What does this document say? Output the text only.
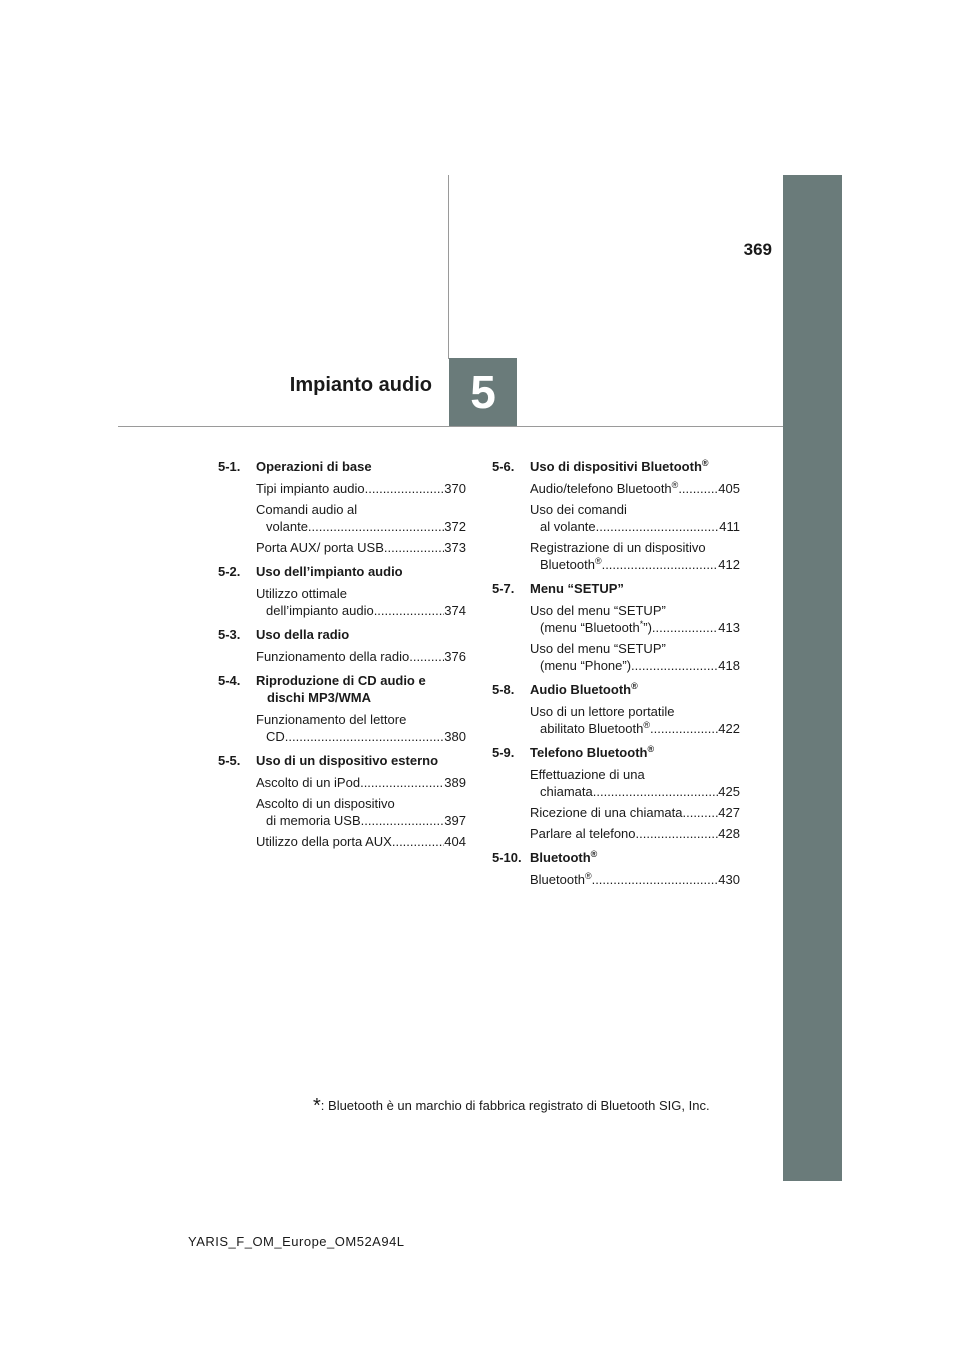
369
Impianto audio 5
5-1.	Operazioni di base
Tipi impianto audio .....	370
Comandi audio al
volante .....	372
Porta AUX/ porta USB .....	373
5-2.	Uso dell’impianto audio
Utilizzo ottimale
dell’impianto audio .....	374
5-3.	Uso della radio
Funzionamento della radio .....	376
5-4.	Riproduzione di CD audio e
dischi MP3/WMA
Funzionamento del lettore
CD .....	380
5-5.	Uso di un dispositivo esterno
Ascolto di un iPod .....	389
Ascolto di un dispositivo
di memoria USB .....	397
Utilizzo della porta AUX .....	404
5-6.	Uso di dispositivi Bluetooth®
Audio/telefono Bluetooth® .....	405
Uso dei comandi
al volante .....	411
Registrazione di un dispositivo
Bluetooth® .....	412
5-7.	Menu “SETUP”
Uso del menu “SETUP”
(menu “Bluetooth*”) .....	413
Uso del menu “SETUP”
(menu “Phone”) .....	418
5-8.	Audio Bluetooth®
Uso di un lettore portatile
abilitato Bluetooth® .....	422
5-9.	Telefono Bluetooth®
Effettuazione di una
chiamata .....	425
Ricezione di una chiamata .....	427
Parlare al telefono .....	428
5-10. Bluetooth®
Bluetooth® .....	430
*: Bluetooth è un marchio di fabbrica registrato di Bluetooth SIG, Inc.
YARIS_F_OM_Europe_OM52A94L
